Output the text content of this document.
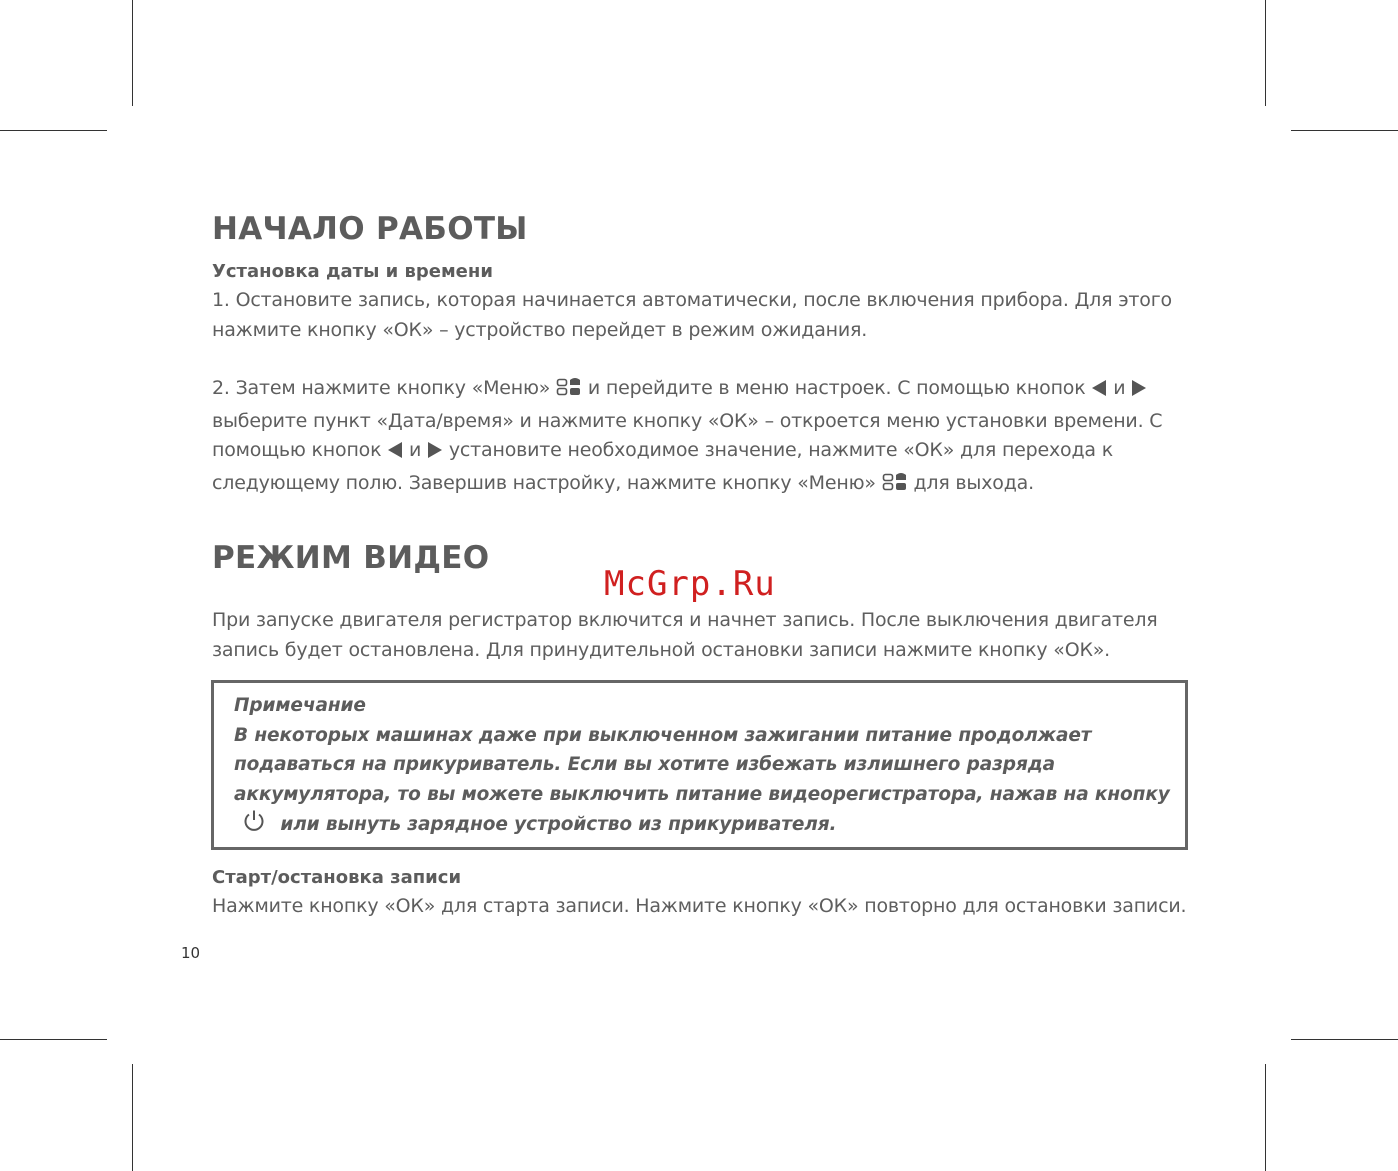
НАЧАЛО РАБОТЫ
Установка даты и времени

1. Остановите запись, которая начинается автоматически, после включения прибора. Для этого нажмите кнопку «ОК» – устройство перейдет в режим ожидания.

2. Затем нажмите кнопку «Меню»  и перейдите в меню настроек. С помощью кнопок  и  выберите пункт «Дата/время» и нажмите кнопку «ОК» – откроется меню установки времени. С помощью кнопок  и  установите необходимое значение, нажмите «ОК» для перехода к следующему полю. Завершив настройку, нажмите кнопку «Меню»  для выхода.

РЕЖИМ ВИДЕО

При запуске двигателя регистратор включится и начнет запись. После выключения двигателя запись будет остановлена. Для принудительной остановки записи нажмите кнопку «ОК».

McGrp.Ru

Примечание

В некоторых машинах даже при выключенном зажигании питание продолжает подаваться на прикуриватель. Если вы хотите избежать излишнего разряда аккумулятора, то вы можете выключить питание видеорегистратора, нажав на кнопку  или вынуть зарядное устройство из прикуривателя.

Старт/остановка записи

Нажмите кнопку «ОК» для старта записи. Нажмите кнопку «ОК» повторно для остановки записи.

10
